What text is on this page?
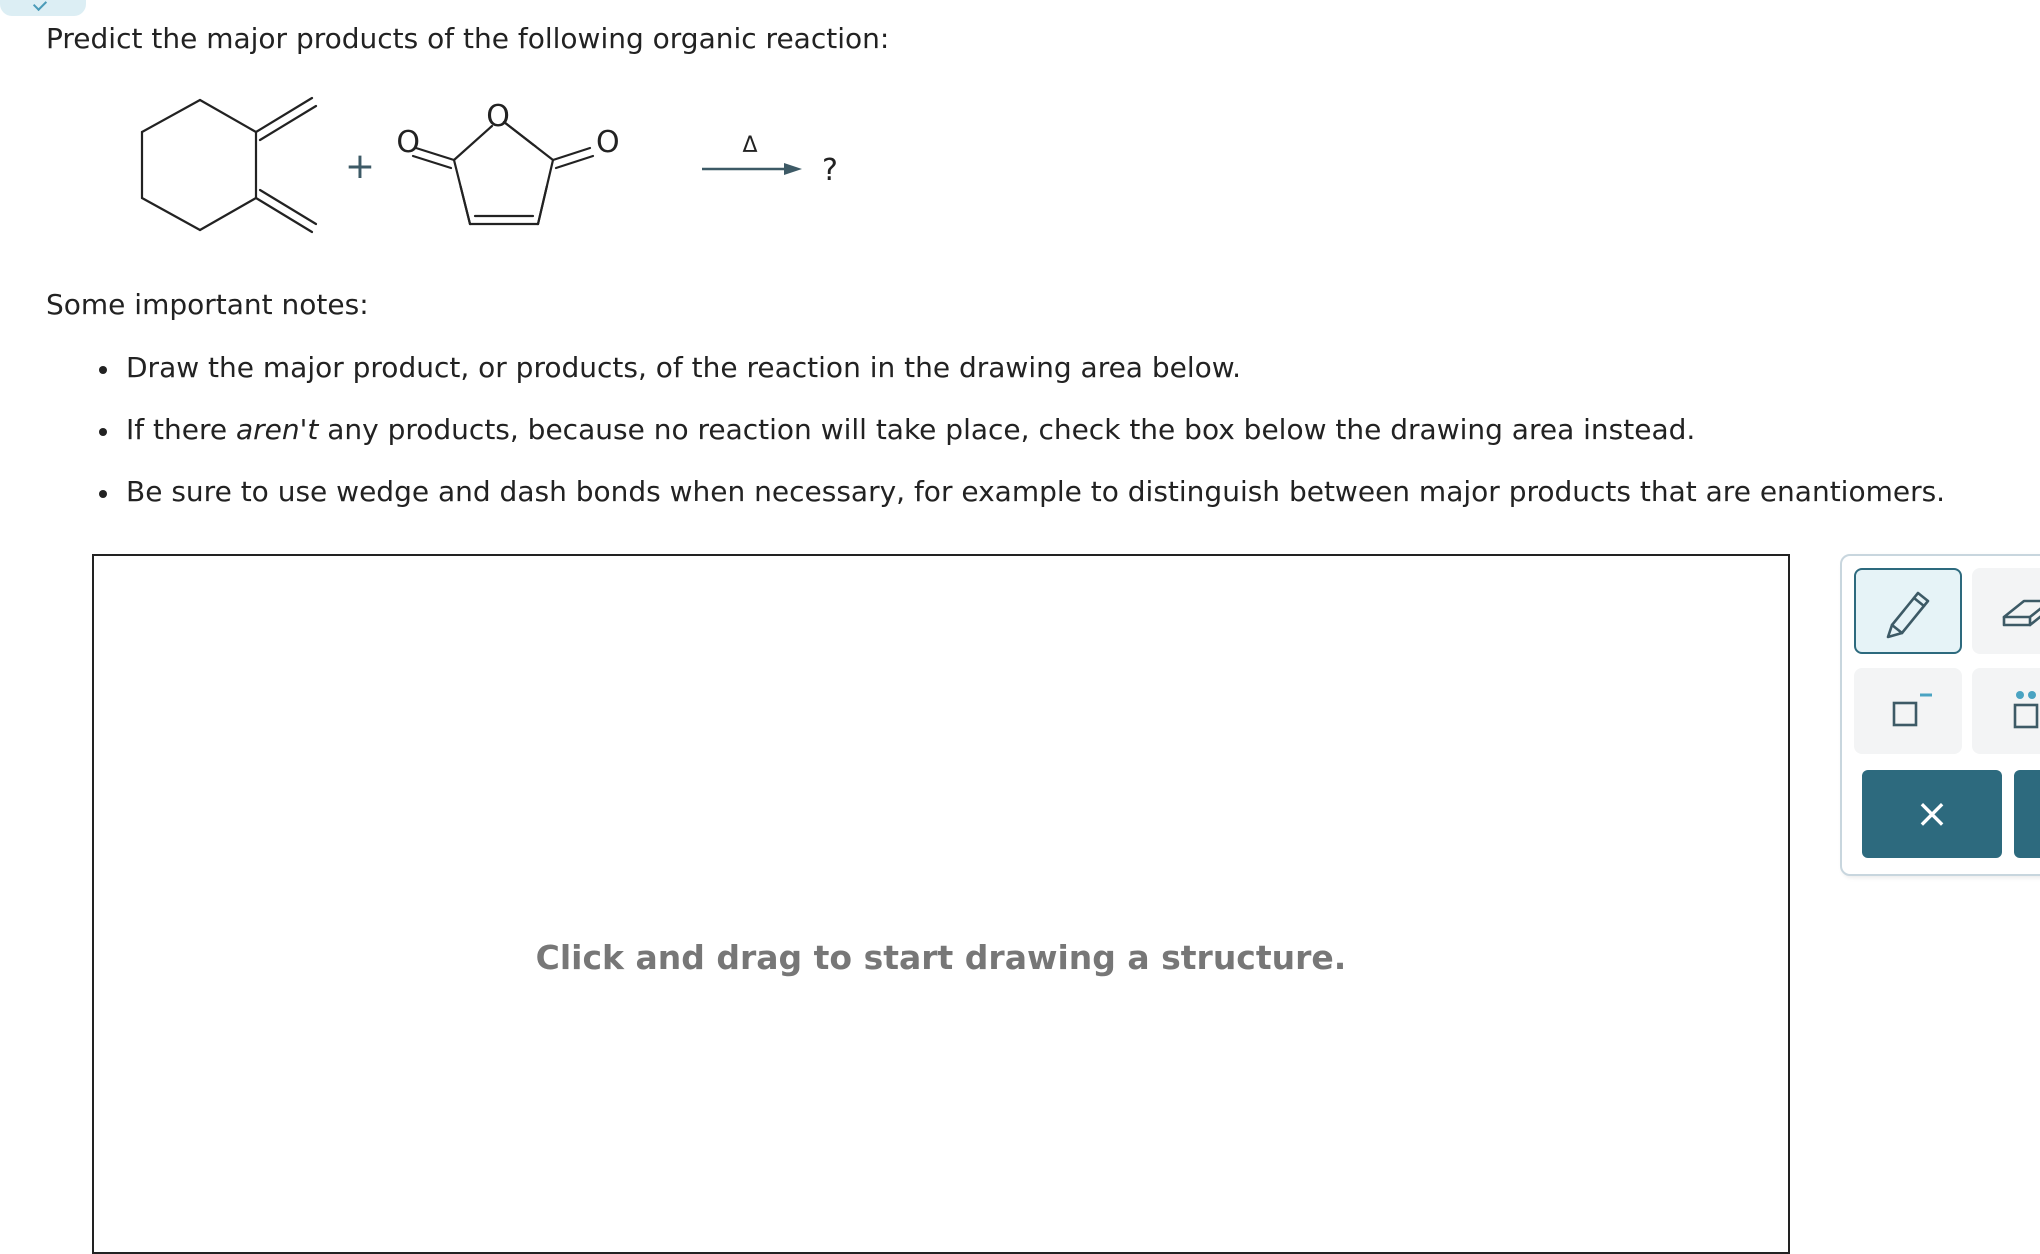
Predict the major products of the following organic reaction:
+
O
O	O	Δ
?
Some important notes:
Draw the major product, or products, of the reaction in the drawing area below.
If there aren't any products, because no reaction will take place, check the box below the drawing area instead.
Be sure to use wedge and dash bonds when necessary, for example to distinguish between major products that are enantiomers.
Click and drag to start drawing a structure.
×
